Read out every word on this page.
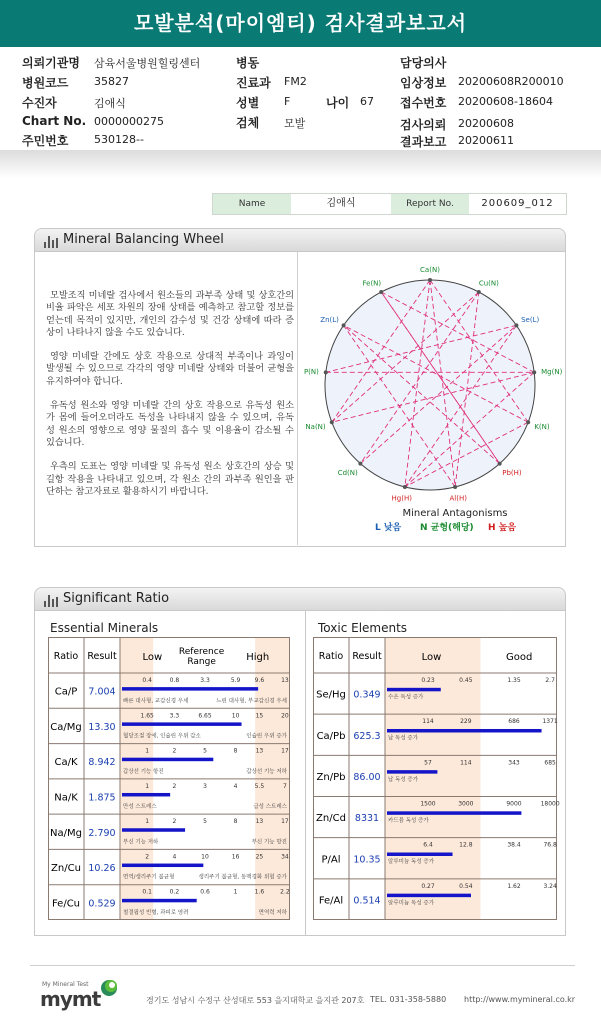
모발분석(마이엠티) 검사결과보고서
의뢰기관명 삼육서울병원힐링센터
병원코드 35827
수진자	김애식
Chart No. 0000000275
주민번호 530128--
병동
진료과 FM2
성별 F	나이 67
검체 모발
담당의사
임상정보 20200608R200010
접수번호 20200608-18604
검사의뢰 20200608
결과보고 20200611
Name	김애식	Report No.	200609_012
Mineral Balancing Wheel

모발조직 미네랄 검사에서 원소들의 과부족 상태 및 상호간의 비율 파악은 세포 차원의 장애 상태를 예측하고 참고할 정보를 얻는데 목적이 있지만, 개인의 감수성 및 건강 상태에 따라 증상이 나타나지 않을 수도 있습니다.

영양 미네랄 간에도 상호 작용으로 상대적 부족이나 과잉이 발생될 수 있으므로 각각의 영양 미네랄 상태와 더불어 균형을 유지하여야 합니다.

유독성 원소와 영양 미네랄 간의 상호 작용으로 유독성 원소가 몸에 들어오더라도 독성을 나타내지 않을 수 있으며, 유독성 원소의 영향으로 영양 물질의 흡수 및 이용율이 감소될 수 있습니다.

우측의 도표는 영양 미네랄 및 유독성 원소 상호간의 상승 및 길항 작용을 나타내고 있으며, 각 원소 간의 과부족 원인을 판단하는 참고자료로 활용하시기 바랍니다.

Ca(N)
Cu(N)
Se(L)
Mg(N)
K(N)
Pb(H)
Al(H)
Hg(H)
Cd(N)
Na(N)
P(N)
Zn(L)
Fe(N)
Mineral Antagonisms
L 낮음 N 균형(해당) H 높음
Significant Ratio
Essential Minerals	Toxic Elements
Ratio Result	Low Reference
Range	High
Ca/P 7.004
0.4	0.8	3.3	5.9 9.6	13
빠른 대사형, 교감신경 우세	느린 대사형, 부교감신경 우세
Ca/Mg 13.30
1.65	3.3	6.65	10	15	20
혈당조절 장애, 인슐린 우위 감소	인슐린 우위 증가
Ca/K 8.942
1	2	5	8	13	17
갑상선 기능 항진	갑상선 기능 저하
Na/K 1.875
1	2	3	4	5.5	7
만성 스트레스	급성 스트레스
Na/Mg 2.790
1	2	5	8	13	17
부신 기능 저하	부신 기능 항진
Zn/Cu 10.26
2	4	10	16	25	34
면역/생리주기 불균형	생리주기 불균형, 동맥경화 위험 증가
Fe/Cu 0.529
0.1	0.2	0.6	1	1.6	2.2
철결핍성 빈혈, 과피로 염려	면역력 저하
Ratio Result	Low	Good
Se/Hg 0.349
0.23	0.45	1.35	2.7
수은 독성 증가
Ca/Pb 625.3
114	229	686	1371
납 독성 증가
Zn/Pb 86.00
57	114	343	685
납 독성 증가
Zn/Cd 8331
1500	3000	9000	18000
카드뮴 독성 증가
P/Al 10.35
6.4	12.8	38.4	76.8
알루미늄 독성 증가
Fe/Al 0.514
0.27	0.54	1.62	3.24
알루미늄 독성 증가
My Mineral Test
mymt	경기도 성남시 수정구 산성대로 553 을지대학교 을지관 207호 TEL. 031-358-5880 http://www.mymineral.co.kr
